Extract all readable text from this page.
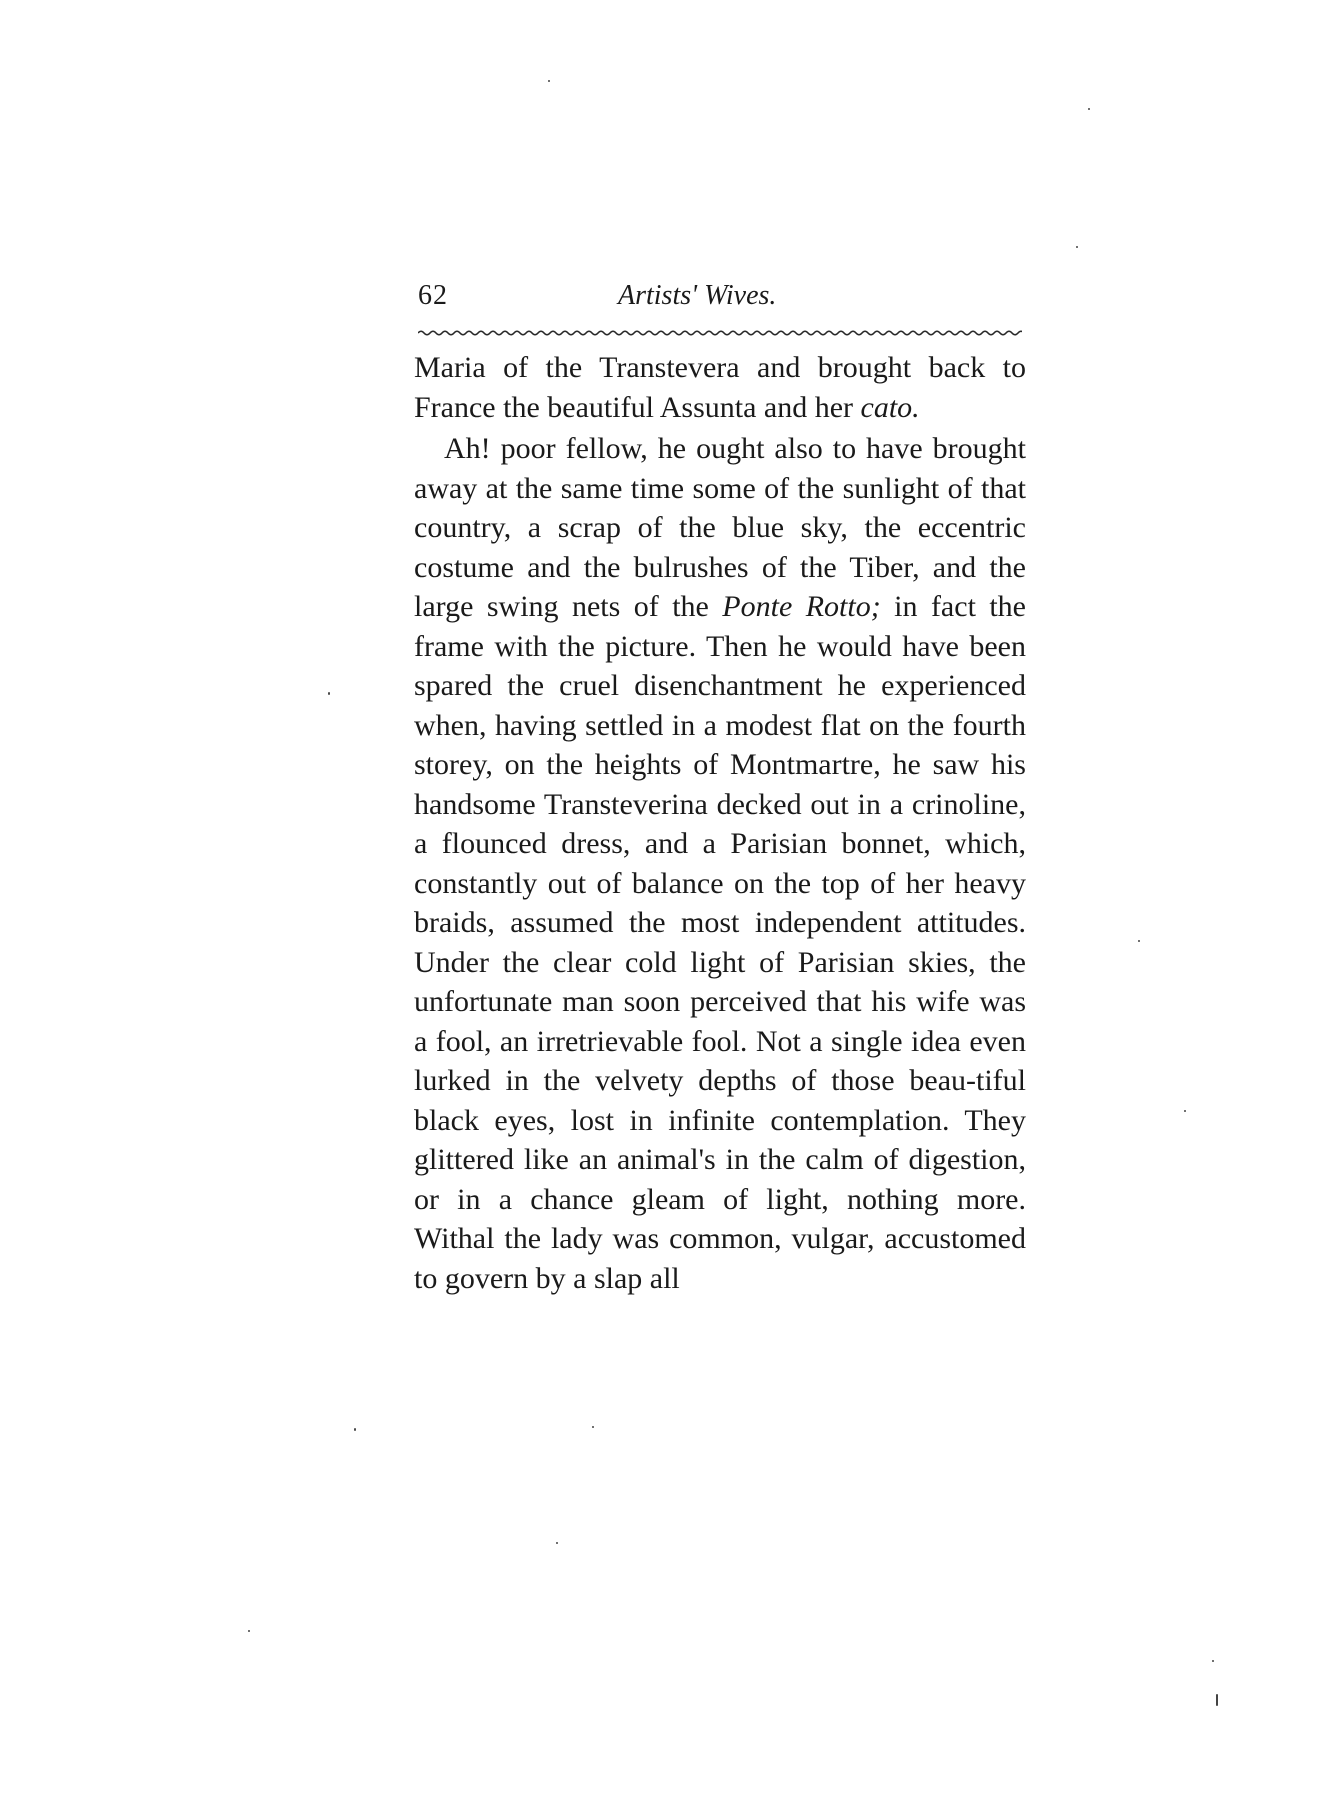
62	Artists' Wives.

Maria of the Transtevera and brought back to France the beautiful Assunta and her cato.

Ah! poor fellow, he ought also to have brought away at the same time some of the sunlight of that country, a scrap of the blue sky, the eccentric costume and the bulrushes of the Tiber, and the large swing nets of the Ponte Rotto; in fact the frame with the picture. Then he would have been spared the cruel disenchantment he experienced when, having settled in a modest flat on the fourth storey, on the heights of Montmartre, he saw his handsome Transteverina decked out in a crinoline, a flounced dress, and a Parisian bonnet, which, constantly out of balance on the top of her heavy braids, assumed the most independent attitudes. Under the clear cold light of Parisian skies, the unfortunate man soon perceived that his wife was a fool, an irretrievable fool. Not a single idea even lurked in the velvety depths of those beau-tiful black eyes, lost in infinite contemplation. They glittered like an animal's in the calm of digestion, or in a chance gleam of light, nothing more. Withal the lady was common, vulgar, accustomed to govern by a slap all
